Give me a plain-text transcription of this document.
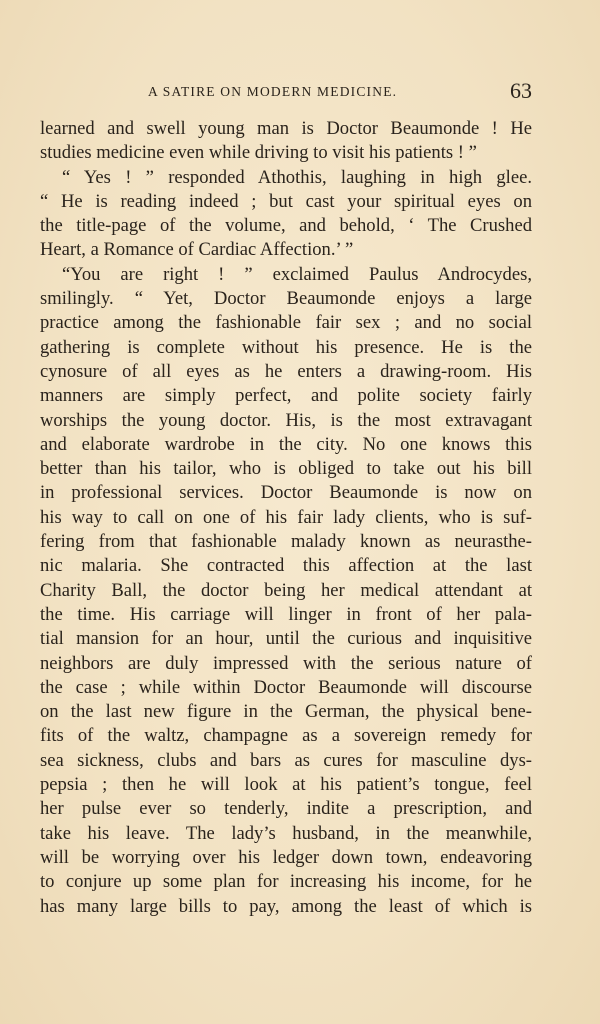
A SATIRE ON MODERN MEDICINE.	63
learned and swell young man is Doctor Beaumonde ! He
studies medicine even while driving to visit his patients ! ”
“ Yes ! ” responded Athothis, laughing in high glee.
“ He is reading indeed ; but cast your spiritual eyes on
the title-page of the volume, and behold, ‘ The Crushed
Heart, a Romance of Cardiac Affection.’ ”
“You are right ! ” exclaimed Paulus Androcydes,
smilingly. “ Yet, Doctor Beaumonde enjoys a large
practice among the fashionable fair sex ; and no social
gathering is complete without his presence. He is the
cynosure of all eyes as he enters a drawing-room. His
manners are simply perfect, and polite society fairly
worships the young doctor. His, is the most extravagant
and elaborate wardrobe in the city. No one knows this
better than his tailor, who is obliged to take out his bill
in professional services. Doctor Beaumonde is now on
his way to call on one of his fair lady clients, who is suf-
fering from that fashionable malady known as neurasthe-
nic malaria. She contracted this affection at the last
Charity Ball, the doctor being her medical attendant at
the time. His carriage will linger in front of her pala-
tial mansion for an hour, until the curious and inquisitive
neighbors are duly impressed with the serious nature of
the case ; while within Doctor Beaumonde will discourse
on the last new figure in the German, the physical bene-
fits of the waltz, champagne as a sovereign remedy for
sea sickness, clubs and bars as cures for masculine dys-
pepsia ; then he will look at his patient’s tongue, feel
her pulse ever so tenderly, indite a prescription, and
take his leave. The lady’s husband, in the meanwhile,
will be worrying over his ledger down town, endeavoring
to conjure up some plan for increasing his income, for he
has many large bills to pay, among the least of which is
